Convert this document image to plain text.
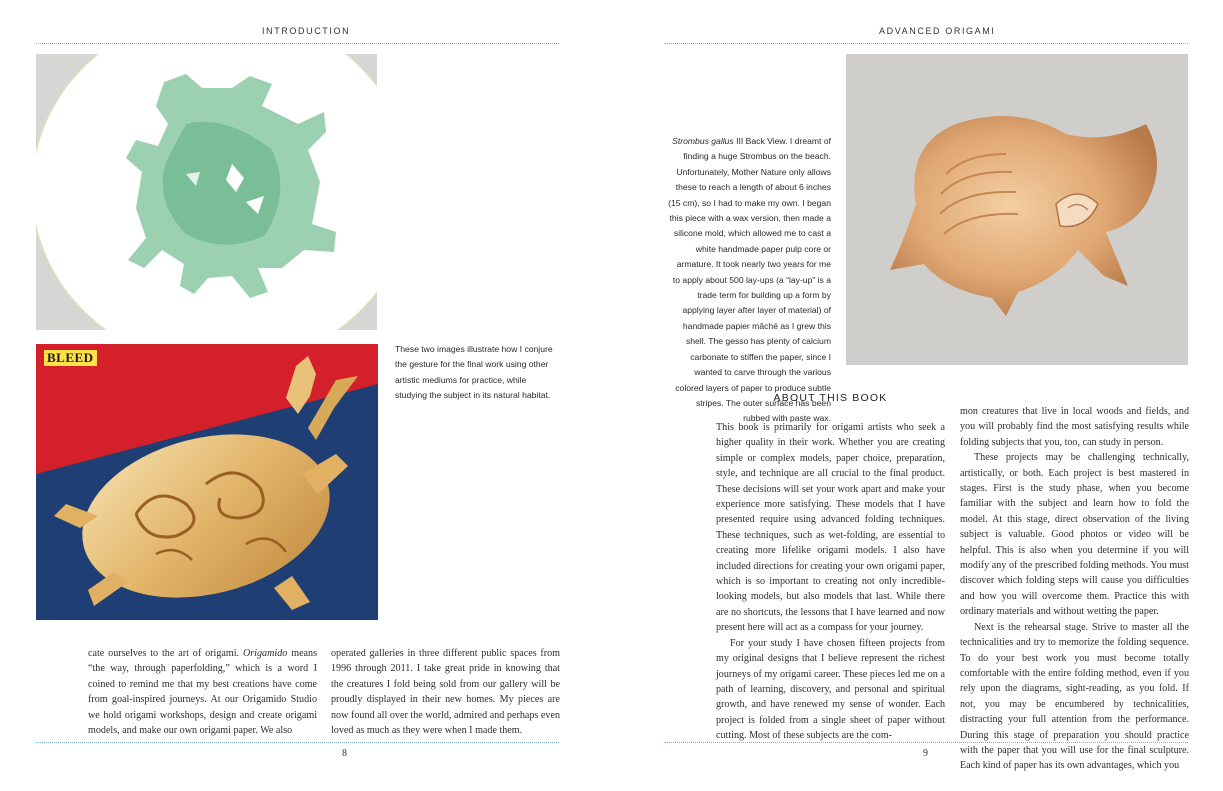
INTRODUCTION
BLEED
These two images illustrate how I conjure the gesture for the final work using other artistic mediums for practice, while studying the subject in its natural habitat.

cate ourselves to the art of origami. Origamido means “the way, through paperfolding,” which is a word I coined to remind me that my best creations have come from goal-inspired journeys. At our Origamido Studio we hold origami workshops, design and create origami models, and make our own origami paper. We also

operated galleries in three different public spaces from 1996 through 2011. I take great pride in knowing that the creatures I fold being sold from our gallery will be proudly displayed in their new homes. My pieces are now found all over the world, admired and perhaps even loved as much as they were when I made them.

8
ADVANCED ORIGAMI
Strombus gallus III Back View. I dreamt of finding a huge Strombus on the beach. Unfortunately, Mother Nature only allows these to reach a length of about 6 inches (15 cm), so I had to make my own. I began this piece with a wax version, then made a silicone mold, which allowed me to cast a white handmade paper pulp core or armature. It took nearly two years for me to apply about 500 lay-ups (a “lay-up” is a trade term for building up a form by applying layer after layer of material) of handmade papier mâché as I grew this shell. The gesso has plenty of calcium carbonate to stiffen the paper, since I wanted to carve through the various colored layers of paper to produce subtle stripes. The outer surface has been rubbed with paste wax.
ABOUT THIS BOOK

This book is primarily for origami artists who seek a higher quality in their work. Whether you are creating simple or complex models, paper choice, preparation, style, and technique are all crucial to the final product. These decisions will set your work apart and make your experience more satisfying. These models that I have presented require using advanced folding techniques. These techniques, such as wet-folding, are essential to creating more lifelike origami models. I also have included directions for creating your own origami paper, which is so important to creating not only incredible-looking models, but also models that last. While there are no shortcuts, the lessons that I have learned and now present here will act as a compass for your journey.

For your study I have chosen fifteen projects from my original designs that I believe represent the richest journeys of my origami career. These pieces led me on a path of learning, discovery, and personal and spiritual growth, and have renewed my sense of wonder. Each project is folded from a single sheet of paper without cutting. Most of these subjects are the com-

mon creatures that live in local woods and fields, and you will probably find the most satisfying results while folding subjects that you, too, can study in person.

These projects may be challenging technically, artistically, or both. Each project is best mastered in stages. First is the study phase, when you become familiar with the subject and learn how to fold the model. At this stage, direct observation of the living subject is valuable. Good photos or video will be helpful. This is also when you determine if you will modify any of the prescribed folding methods. You must discover which folding steps will cause you difficulties and how you will overcome them. Practice this with ordinary materials and without wetting the paper.

Next is the rehearsal stage. Strive to master all the technicalities and try to memorize the folding sequence. To do your best work you must become totally comfortable with the entire folding method, even if you rely upon the diagrams, sight-reading, as you fold. If not, you may be encumbered by technicalities, distracting your full attention from the performance. During this stage of preparation you should practice with the paper that you will use for the final sculpture. Each kind of paper has its own advantages, which you

9
